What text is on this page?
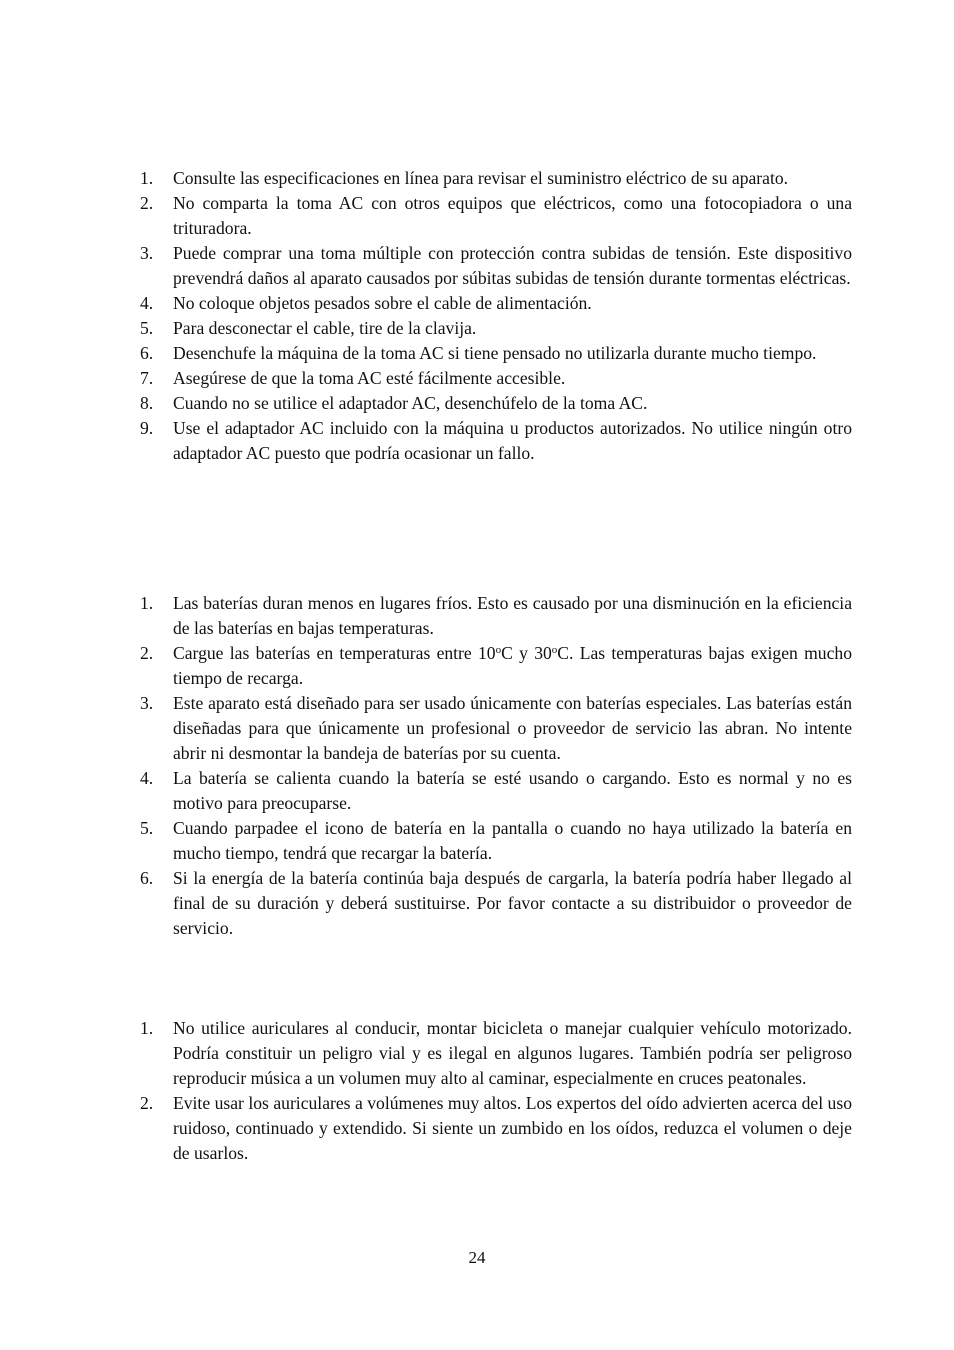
1.	Consulte las especificaciones en línea para revisar el suministro eléctrico de su aparato.
2.	No comparta la toma AC con otros equipos que eléctricos, como una fotocopiadora o una trituradora.
3.	Puede comprar una toma múltiple con protección contra subidas de tensión. Este dispositivo prevendrá daños al aparato causados por súbitas subidas de tensión durante tormentas eléctricas.
4.	No coloque objetos pesados sobre el cable de alimentación.
5.	Para desconectar el cable, tire de la clavija.
6.	Desenchufe la máquina de la toma AC si tiene pensado no utilizarla durante mucho tiempo.
7.	Asegúrese de que la toma AC esté fácilmente accesible.
8.	Cuando no se utilice el adaptador AC, desenchúfelo de la toma AC.
9.	Use el adaptador AC incluido con la máquina u productos autorizados. No utilice ningún otro adaptador AC puesto que podría ocasionar un fallo.
1.	Las baterías duran menos en lugares fríos. Esto es causado por una disminución en la eficiencia de las baterías en bajas temperaturas.
2.	Cargue las baterías en temperaturas entre 10$^o$C y 30$^o$C. Las temperaturas bajas exigen mucho tiempo de recarga.
3.	Este aparato está diseñado para ser usado únicamente con baterías especiales. Las baterías están diseñadas para que únicamente un profesional o proveedor de servicio las abran. No intente abrir ni desmontar la bandeja de baterías por su cuenta.
4.	La batería se calienta cuando la batería se esté usando o cargando. Esto es normal y no es motivo para preocuparse.
5.	Cuando parpadee el icono de batería en la pantalla o cuando no haya utilizado la batería en mucho tiempo, tendrá que recargar la batería.
6.	Si la energía de la batería continúa baja después de cargarla, la batería podría haber llegado al final de su duración y deberá sustituirse. Por favor contacte a su distribuidor o proveedor de servicio.
1.	No utilice auriculares al conducir, montar bicicleta o manejar cualquier vehículo motorizado. Podría constituir un peligro vial y es ilegal en algunos lugares. También podría ser peligroso reproducir música a un volumen muy alto al caminar, especialmente en cruces peatonales.
2.	Evite usar los auriculares a volúmenes muy altos. Los expertos del oído advierten acerca del uso ruidoso, continuado y extendido. Si siente un zumbido en los oídos, reduzca el volumen o deje de usarlos.
24
